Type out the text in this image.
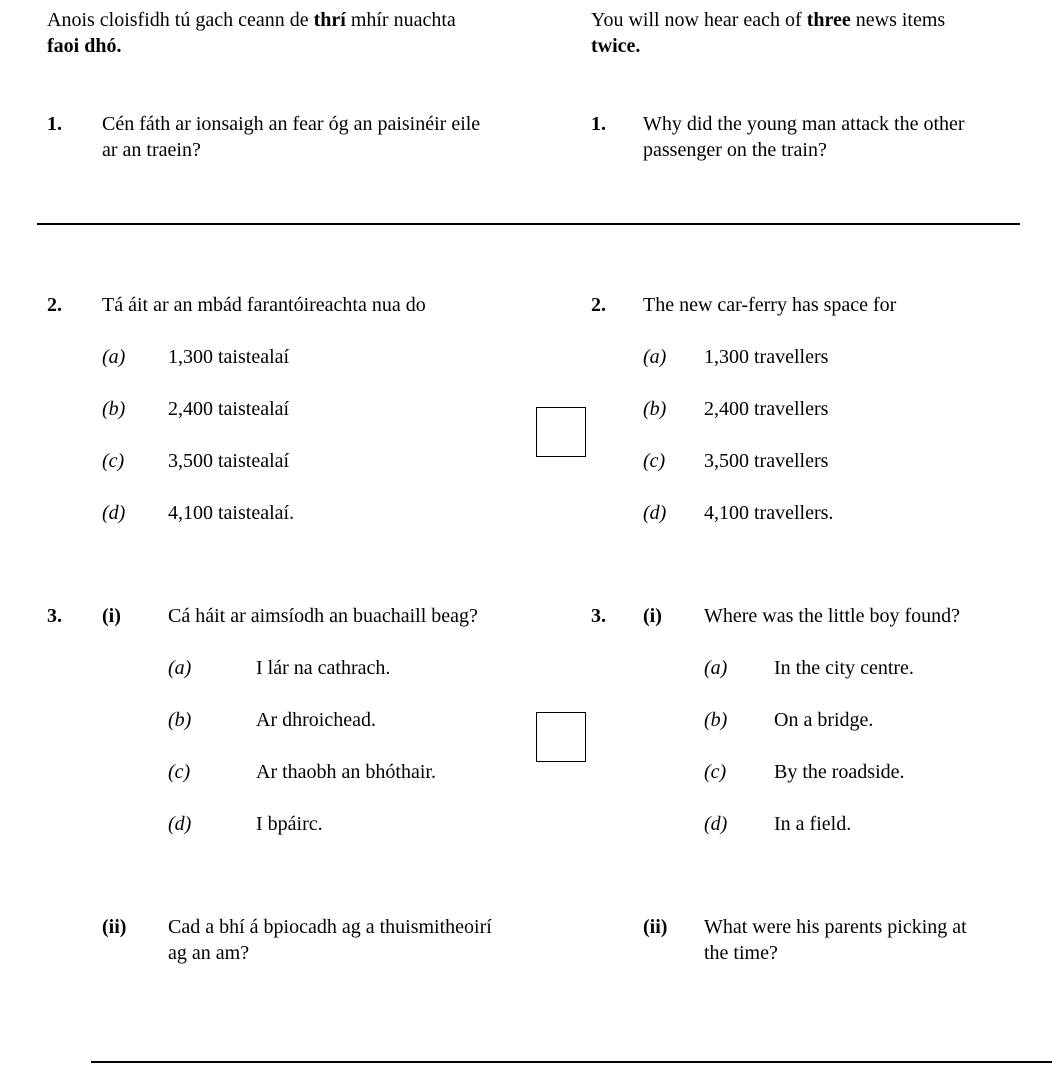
Anois cloisfidh tú gach ceann de thrí mhír nuachta
faoi dhó.
You will now hear each of three news items
twice.
1. Cén fáth ar ionsaigh an fear óg an paisinéir eile
ar an traein?
1. Why did the young man attack the other
passenger on the train?
2. Tá áit ar an mbád farantóireachta nua do	2. The new car-ferry has space for
(a) 1,300 taistealaí	(a) 1,300 travellers
(b) 2,400 taistealaí	(b) 2,400 travellers
(c) 3,500 taistealaí	(c) 3,500 travellers
(d) 4,100 taistealaí.	(d) 4,100 travellers.
3. (i) Cá háit ar aimsíodh an buachaill beag?	3. (i) Where was the little boy found?
(a)	I lár na cathrach.	(a) In the city centre.
(b)	Ar dhroichead.	(b) On a bridge.
(c)	Ar thaobh an bhóthair.	(c) By the roadside.
(d)	I bpáirc.	(d) In a field.
(ii) Cad a bhí á bpiocadh ag a thuismitheoirí
ag an am?
(ii) What were his parents picking at
the time?
